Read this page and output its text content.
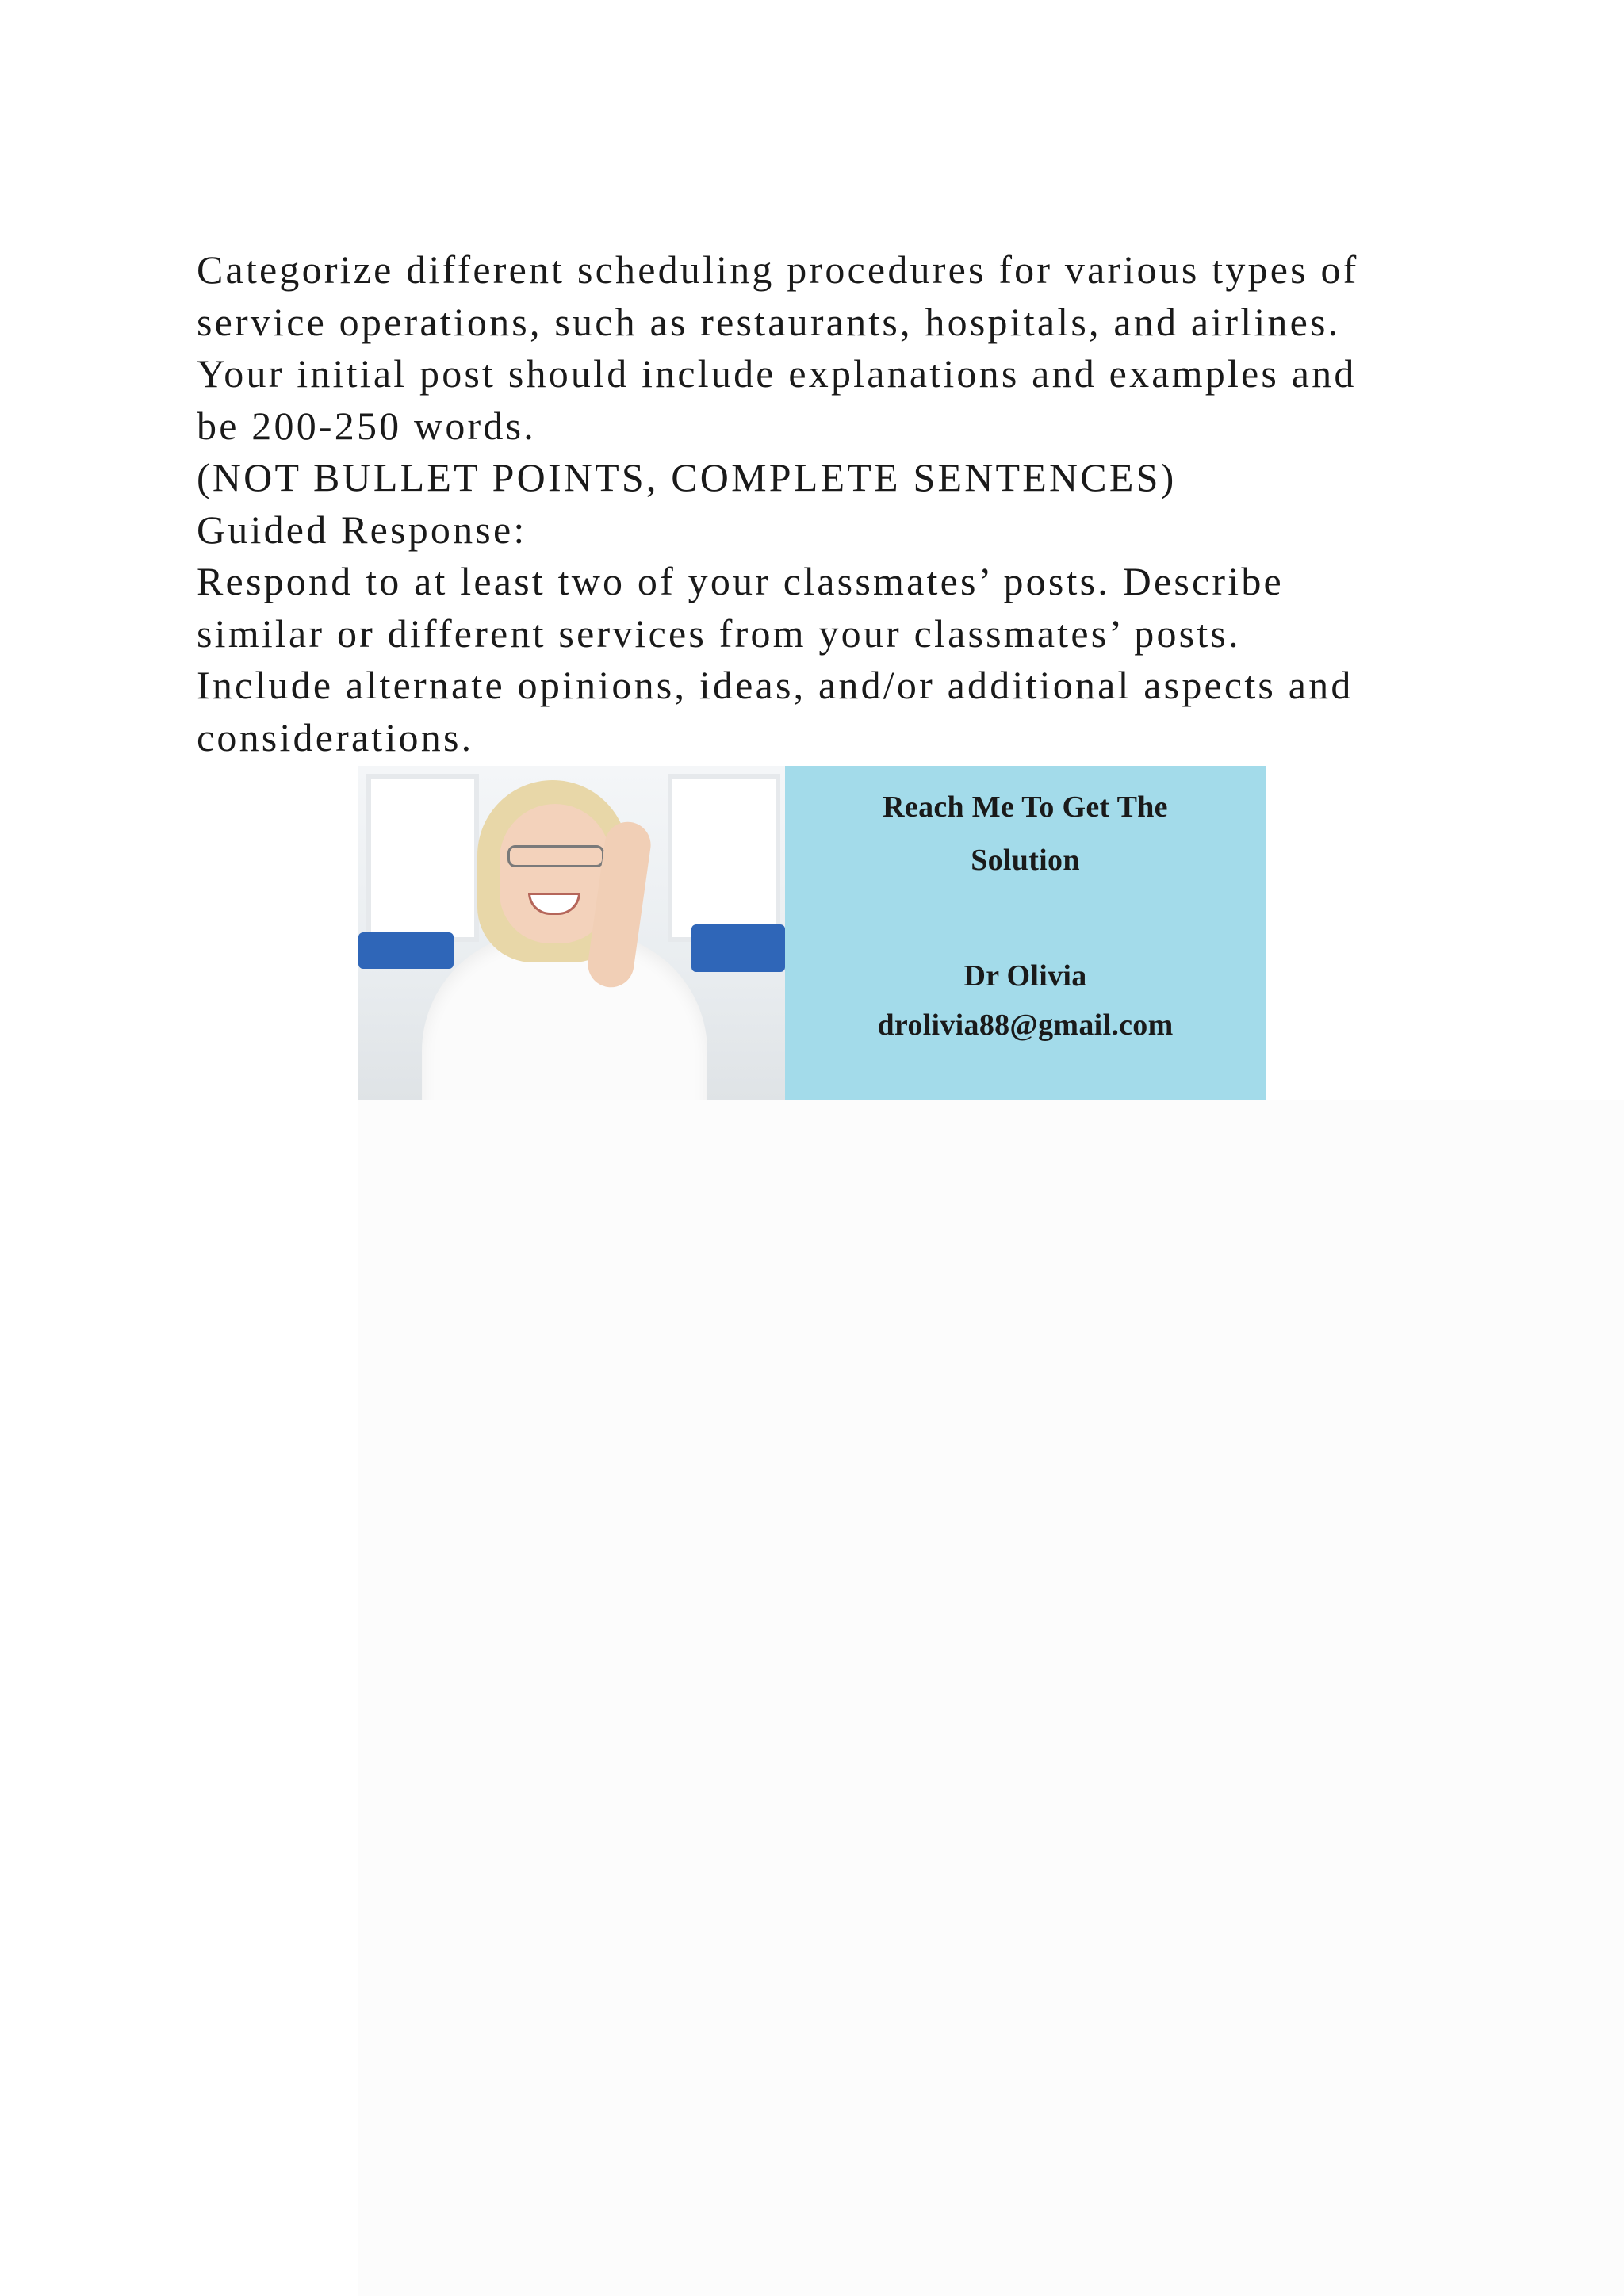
Categorize different scheduling procedures for various types of
service operations, such as restaurants, hospitals, and airlines.
Your initial post should include explanations and examples and
be 200-250 words.
(NOT BULLET POINTS, COMPLETE SENTENCES)
Guided Response:
Respond to at least two of your classmates’ posts. Describe
similar or different services from your classmates’ posts.
Include alternate opinions, ideas, and/or additional aspects and
considerations.
Reach Me To Get The
Solution
Dr Olivia
drolivia88@gmail.com
